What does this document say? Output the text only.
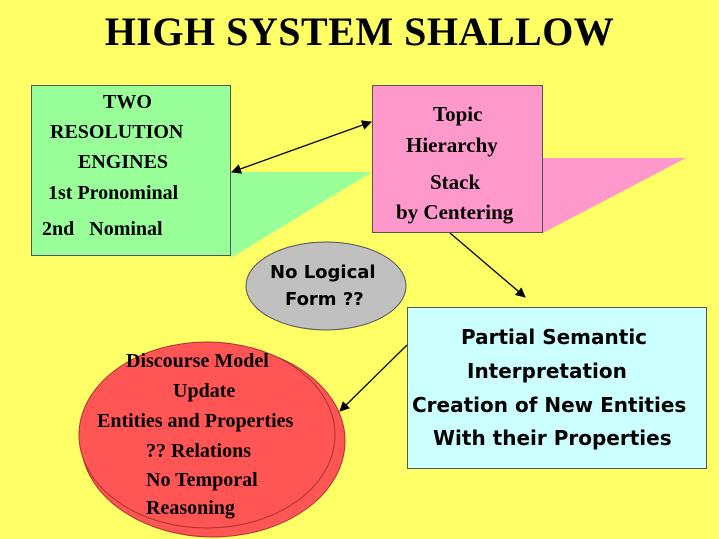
HIGH SYSTEM SHALLOW
TWO
RESOLUTION
ENGINES
1st Pronominal
2nd   Nominal
Topic
Hierarchy
Stack
by Centering
No Logical
Form ??
Partial Semantic
Interpretation
Creation of New Entities
With their Properties
Discourse Model
Update
Entities and Properties
?? Relations
No Temporal
Reasoning
